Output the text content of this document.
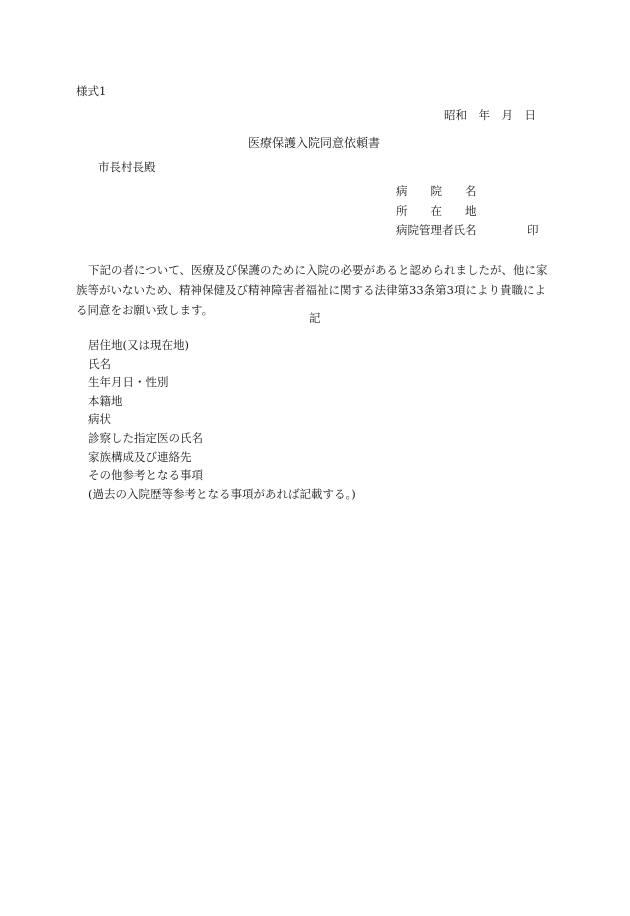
様式1
昭和　年　月　日
医療保護入院同意依頼書
市長村長殿
病　　院　　名
所　　在　　地
病院管理者氏名	印

下記の者について、医療及び保護のために入院の必要があると認められましたが、他に家族等がいないため、精神保健及び精神障害者福祉に関する法律第33条第3項により貴職による同意をお願い致します。

記
居住地(又は現在地)
氏名
生年月日・性別
本籍地
病状
診察した指定医の氏名
家族構成及び連絡先
その他参考となる事項
(過去の入院歴等参考となる事項があれば記載する。)
